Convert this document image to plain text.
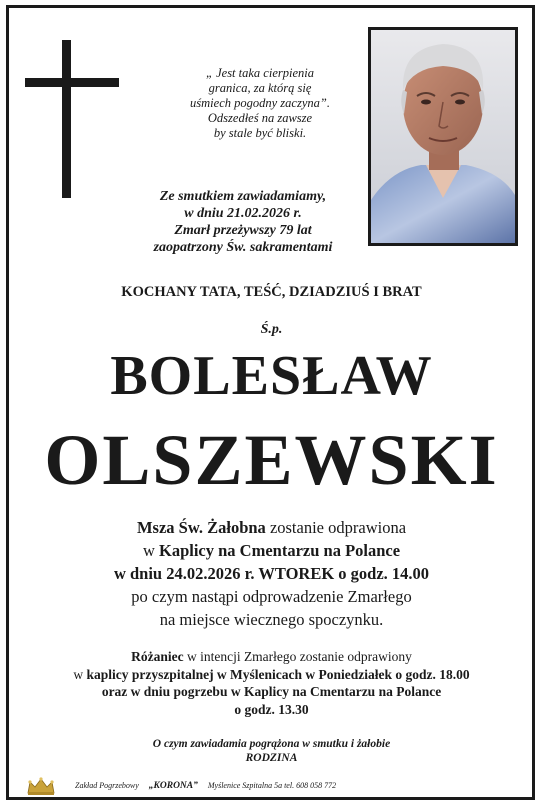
„ Jest taka cierpienia
granica, za którą się
uśmiech pogodny zaczyna”.
Odszedłeś na zawsze
by stale być bliski.
Ze smutkiem zawiadamiamy,
w dniu 21.02.2026 r.
Zmarł przeżywszy 79 lat
zaopatrzony Św. sakramentami
KOCHANY TATA, TEŚĆ, DZIADZIUŚ I BRAT
Ś.p.
BOLESŁAW
OLSZEWSKI
Msza Św. Żałobna zostanie odprawiona
w Kaplicy na Cmentarzu na Polance
w dniu 24.02.2026 r. WTOREK o godz. 14.00
po czym nastąpi odprowadzenie Zmarłego
na miejsce wiecznego spoczynku.
Różaniec w intencji Zmarłego zostanie odprawiony
w kaplicy przyszpitalnej w Myślenicach w Poniedziałek o godz. 18.00
oraz w dniu pogrzebu w Kaplicy na Cmentarzu na Polance
o godz. 13.30
O czym zawiadamia pogrążona w smutku i żałobie
RODZINA
Zakład Pogrzebowy „KORONA” Myślenice Szpitalna 5a tel. 608 058 772
